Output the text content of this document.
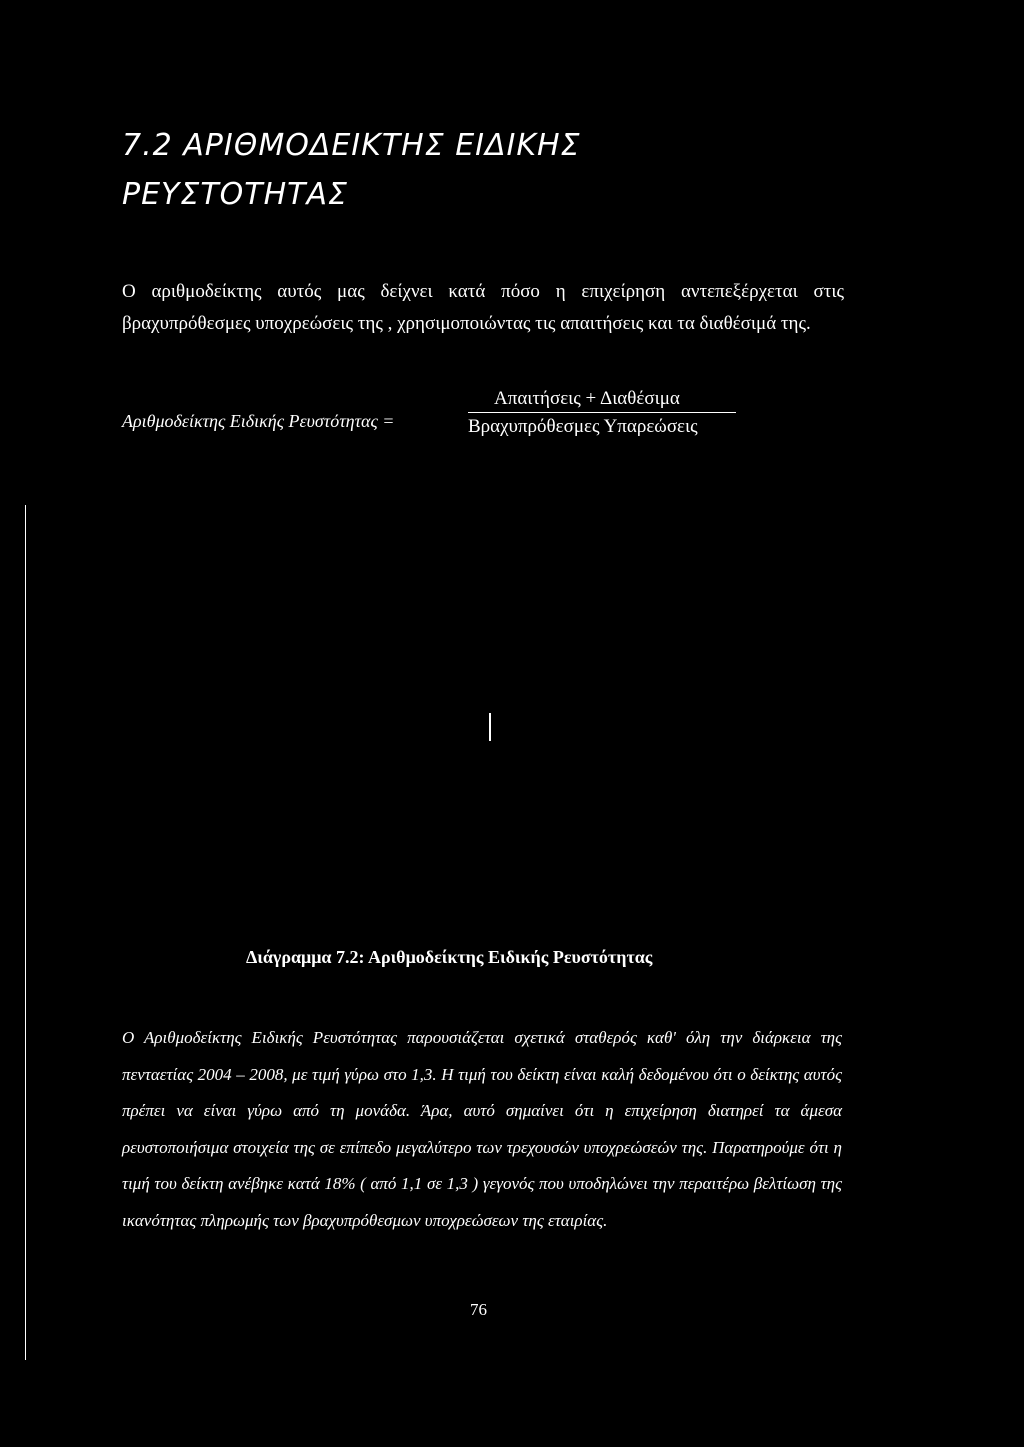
7.2 ΑΡΙΘΜΟΔΕΙΚΤΗΣ ΕΙΔΙΚΗΣ
ΡΕΥΣΤΟΤΗΤΑΣ

Ο αριθμοδείκτης αυτός μας δείχνει κατά πόσο η επιχείρηση αντεπεξέρχεται στις βραχυπρόθεσμες υποχρεώσεις της , χρησιμοποιώντας τις απαιτήσεις και τα διαθέσιμά της.

Αριθμοδείκτης Ειδικής Ρευστότητας =
Απαιτήσεις + Διαθέσιμα
Βραχυπρόθεσμες Υπαρεώσεις
Διάγραμμα 7.2: Αριθμοδείκτης Ειδικής Ρευστότητας

Ο Αριθμοδείκτης Ειδικής Ρευστότητας παρουσιάζεται σχετικά σταθερός καθ' όλη την διάρκεια της πενταετίας 2004 – 2008, με τιμή γύρω στο 1,3. Η τιμή του δείκτη είναι καλή δεδομένου ότι ο δείκτης αυτός πρέπει να είναι γύρω από τη μονάδα. Άρα, αυτό σημαίνει ότι η επιχείρηση διατηρεί τα άμεσα ρευστοποιήσιμα στοιχεία της σε επίπεδο μεγαλύτερο των τρεχουσών υποχρεώσεών της. Παρατηρούμε ότι η τιμή του δείκτη ανέβηκε κατά 18% ( από 1,1 σε 1,3 ) γεγονός που υποδηλώνει την περαιτέρω βελτίωση της ικανότητας πληρωμής των βραχυπρόθεσμων υποχρεώσεων της εταιρίας.

76
